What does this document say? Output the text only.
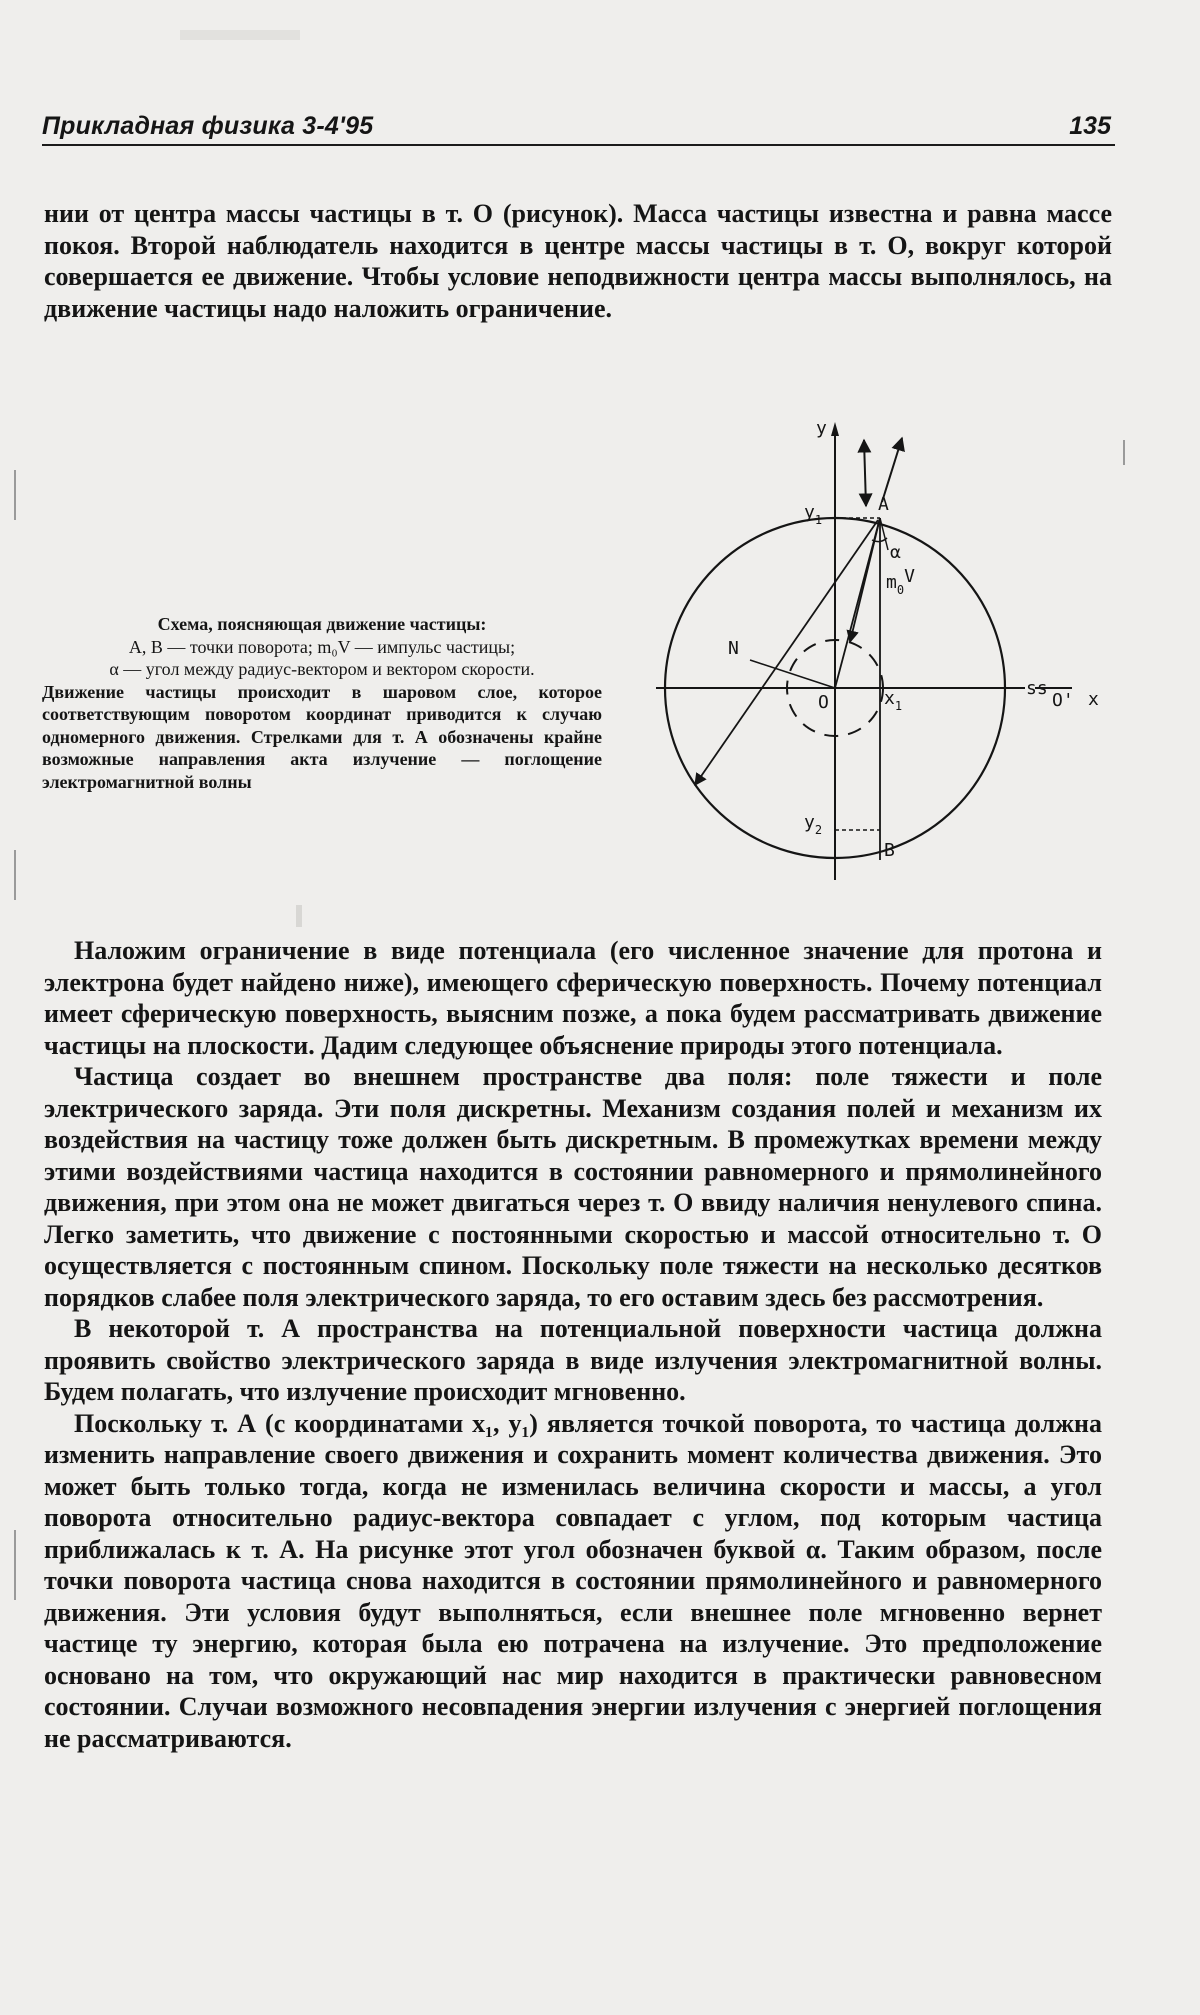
Прикладная физика 3-4'95	135

нии от центра массы частицы в т. О (рисунок). Масса частицы известна и равна массе покоя. Второй наблюдатель находится в центре массы частицы в т. О, вокруг которой совершается ее движение. Чтобы условие неподвижности центра массы выполнялось, на движение частицы надо наложить ограничение.

Схема, поясняющая движение частицы:
А, В — точки поворота; m₀V — импульс частицы;
α — угол между радиус-вектором и вектором скорости.
Движение частицы происходит в шаровом слое, которое соответствующим поворотом координат приводится к случаю одномерного движения. Стрелками для т. А обозначены крайне возможные направления акта излучение — поглощение электромагнитной волны
ss
y
x
A
B
N
O	O'
$x_1$
$y_1$
$y_2$
α
$m_0V$

Наложим ограничение в виде потенциала (его численное значение для протона и электрона будет найдено ниже), имеющего сферическую поверхность. Почему потенциал имеет сферическую поверхность, выясним позже, а пока будем рассматривать движение частицы на плоскости. Дадим следующее объяснение природы этого потенциала.

Частица создает во внешнем пространстве два поля: поле тяжести и поле электрического заряда. Эти поля дискретны. Механизм создания полей и механизм их воздействия на частицу тоже должен быть дискретным. В промежутках времени между этими воздействиями частица находится в состоянии равномерного и прямолинейного движения, при этом она не может двигаться через т. О ввиду наличия ненулевого спина. Легко заметить, что движение с постоянными скоростью и массой относительно т. О осуществляется с постоянным спином. Поскольку поле тяжести на несколько десятков порядков слабее поля электрического заряда, то его оставим здесь без рассмотрения.

В некоторой т. А пространства на потенциальной поверхности частица должна проявить свойство электрического заряда в виде излучения электромагнитной волны. Будем полагать, что излучение происходит мгновенно.

Поскольку т. А (с координатами x₁, y₁) является точкой поворота, то частица должна изменить направление своего движения и сохранить момент количества движения. Это может быть только тогда, когда не изменилась величина скорости и массы, а угол поворота относительно радиус-вектора совпадает с углом, под которым частица приближалась к т. А. На рисунке этот угол обозначен буквой α. Таким образом, после точки поворота частица снова находится в состоянии прямолинейного и равномерного движения. Эти условия будут выполняться, если внешнее поле мгновенно вернет частице ту энергию, которая была ею потрачена на излучение. Это предположение основано на том, что окружающий нас мир находится в практически равновесном состоянии. Случаи возможного несовпадения энергии излучения с энергией поглощения не рассматриваются.
